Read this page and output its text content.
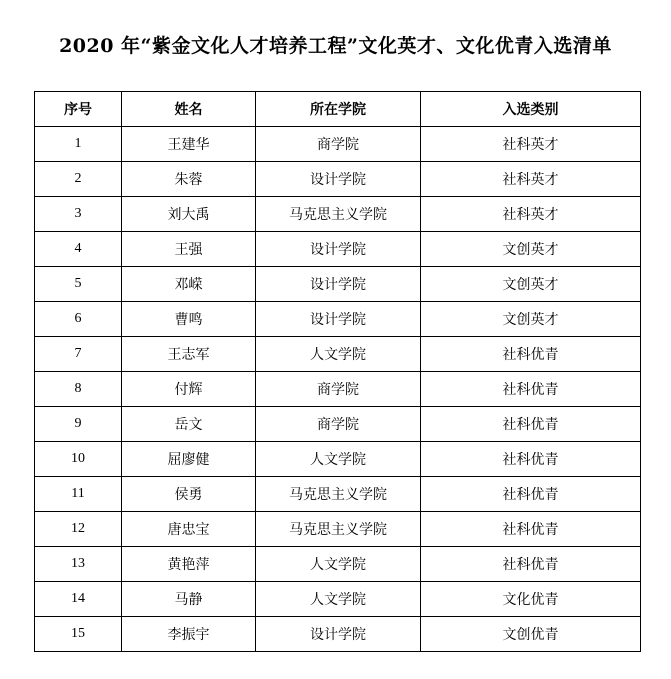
2020 年“紫金文化人才培养工程”文化英才、文化优青入选清单
序号	姓名	所在学院	入选类别
1	王建华	商学院	社科英才
2	朱蓉	设计学院	社科英才
3	刘大禹	马克思主义学院	社科英才
4	王强	设计学院	文创英才
5	邓嵘	设计学院	文创英才
6	曹鸣	设计学院	文创英才
7	王志军	人文学院	社科优青
8	付辉	商学院	社科优青
9	岳文	商学院	社科优青
10	屈廖健	人文学院	社科优青
11	侯勇	马克思主义学院	社科优青
12	唐忠宝	马克思主义学院	社科优青
13	黄艳萍	人文学院	社科优青
14	马静	人文学院	文化优青
15	李振宇	设计学院	文创优青
